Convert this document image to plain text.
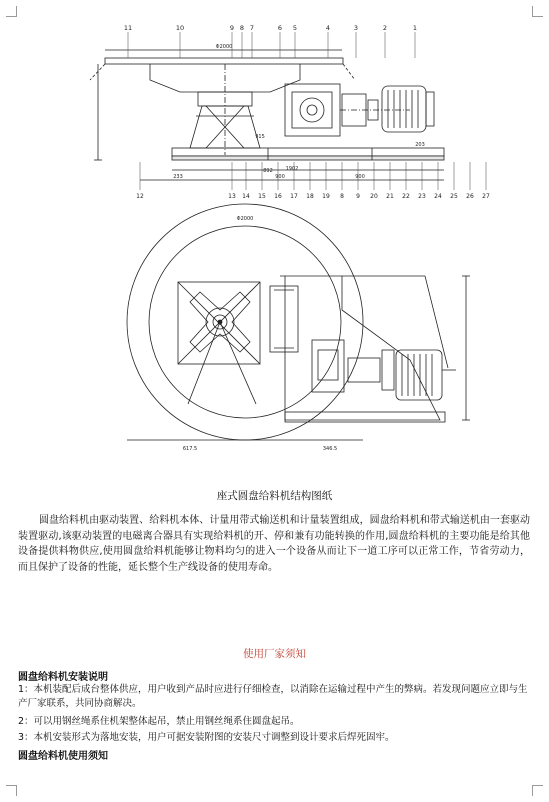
11	10	9 8 7	6 5	4	3	2	1
12	13 14 15 16 17 18 19 8 9 20 21 22 23 24 25 26 27
Φ2000
900
1902
900
203
233
892
915
Φ2000
617.5	346.5
座式圆盘给料机结构图纸

圆盘给料机由驱动装置、给料机本体、计量用带式输送机和计量装置组成，圆盘给料机和带式输送机由一套驱动装置驱动,该驱动装置的电磁离合器具有实现给料机的开、停和兼有功能转换的作用,圆盘给料机的主要功能是给其他设备提供料物供应,使用圆盘给料机能够让物料均匀的进入一个设备从而让下一道工序可以正常工作，节省劳动力，而且保护了设备的性能，延长整个生产线设备的使用寿命。

使用厂家须知

圆盘给料机安装说明

1：本机装配后成台整体供应，用户收到产品时应进行仔细检查，以消除在运输过程中产生的弊病。若发现问题应立即与生产厂家联系，共同协商解决。

2：可以用钢丝绳系住机架整体起吊，禁止用钢丝绳系住圆盘起吊。

3：本机安装形式为落地安装，用户可据安装附图的安装尺寸调整到设计要求后焊死固牢。

圆盘给料机使用须知
